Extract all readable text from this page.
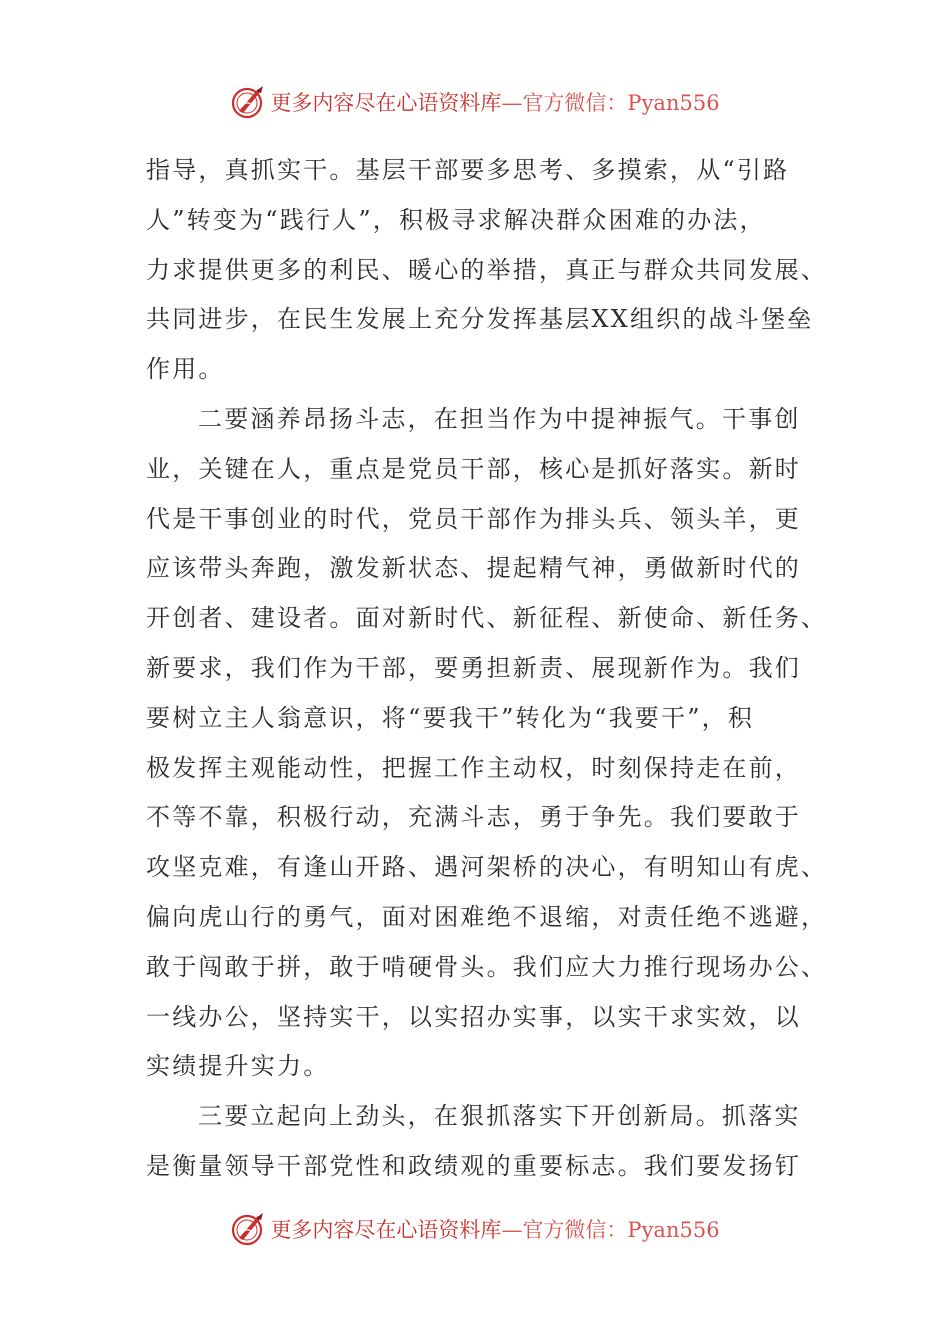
更多内容尽在心语资料库—官方微信：Pyan556
指导，真抓实干。基层干部要多思考、多摸索，从“引路
人”转变为“践行人”，积极寻求解决群众困难的办法，
力求提供更多的利民、暖心的举措，真正与群众共同发展、
共同进步，在民生发展上充分发挥基层XX组织的战斗堡垒
作用。
二要涵养昂扬斗志，在担当作为中提神振气。干事创
业，关键在人，重点是党员干部，核心是抓好落实。新时
代是干事创业的时代，党员干部作为排头兵、领头羊，更
应该带头奔跑，激发新状态、提起精气神，勇做新时代的
开创者、建设者。面对新时代、新征程、新使命、新任务、
新要求，我们作为干部，要勇担新责、展现新作为。我们
要树立主人翁意识，将“要我干”转化为“我要干”，积
极发挥主观能动性，把握工作主动权，时刻保持走在前，
不等不靠，积极行动，充满斗志，勇于争先。我们要敢于
攻坚克难，有逢山开路、遇河架桥的决心，有明知山有虎、
偏向虎山行的勇气，面对困难绝不退缩，对责任绝不逃避，
敢于闯敢于拼，敢于啃硬骨头。我们应大力推行现场办公、
一线办公，坚持实干，以实招办实事，以实干求实效，以
实绩提升实力。
三要立起向上劲头，在狠抓落实下开创新局。抓落实
是衡量领导干部党性和政绩观的重要标志。我们要发扬钉
更多内容尽在心语资料库—官方微信：Pyan556
